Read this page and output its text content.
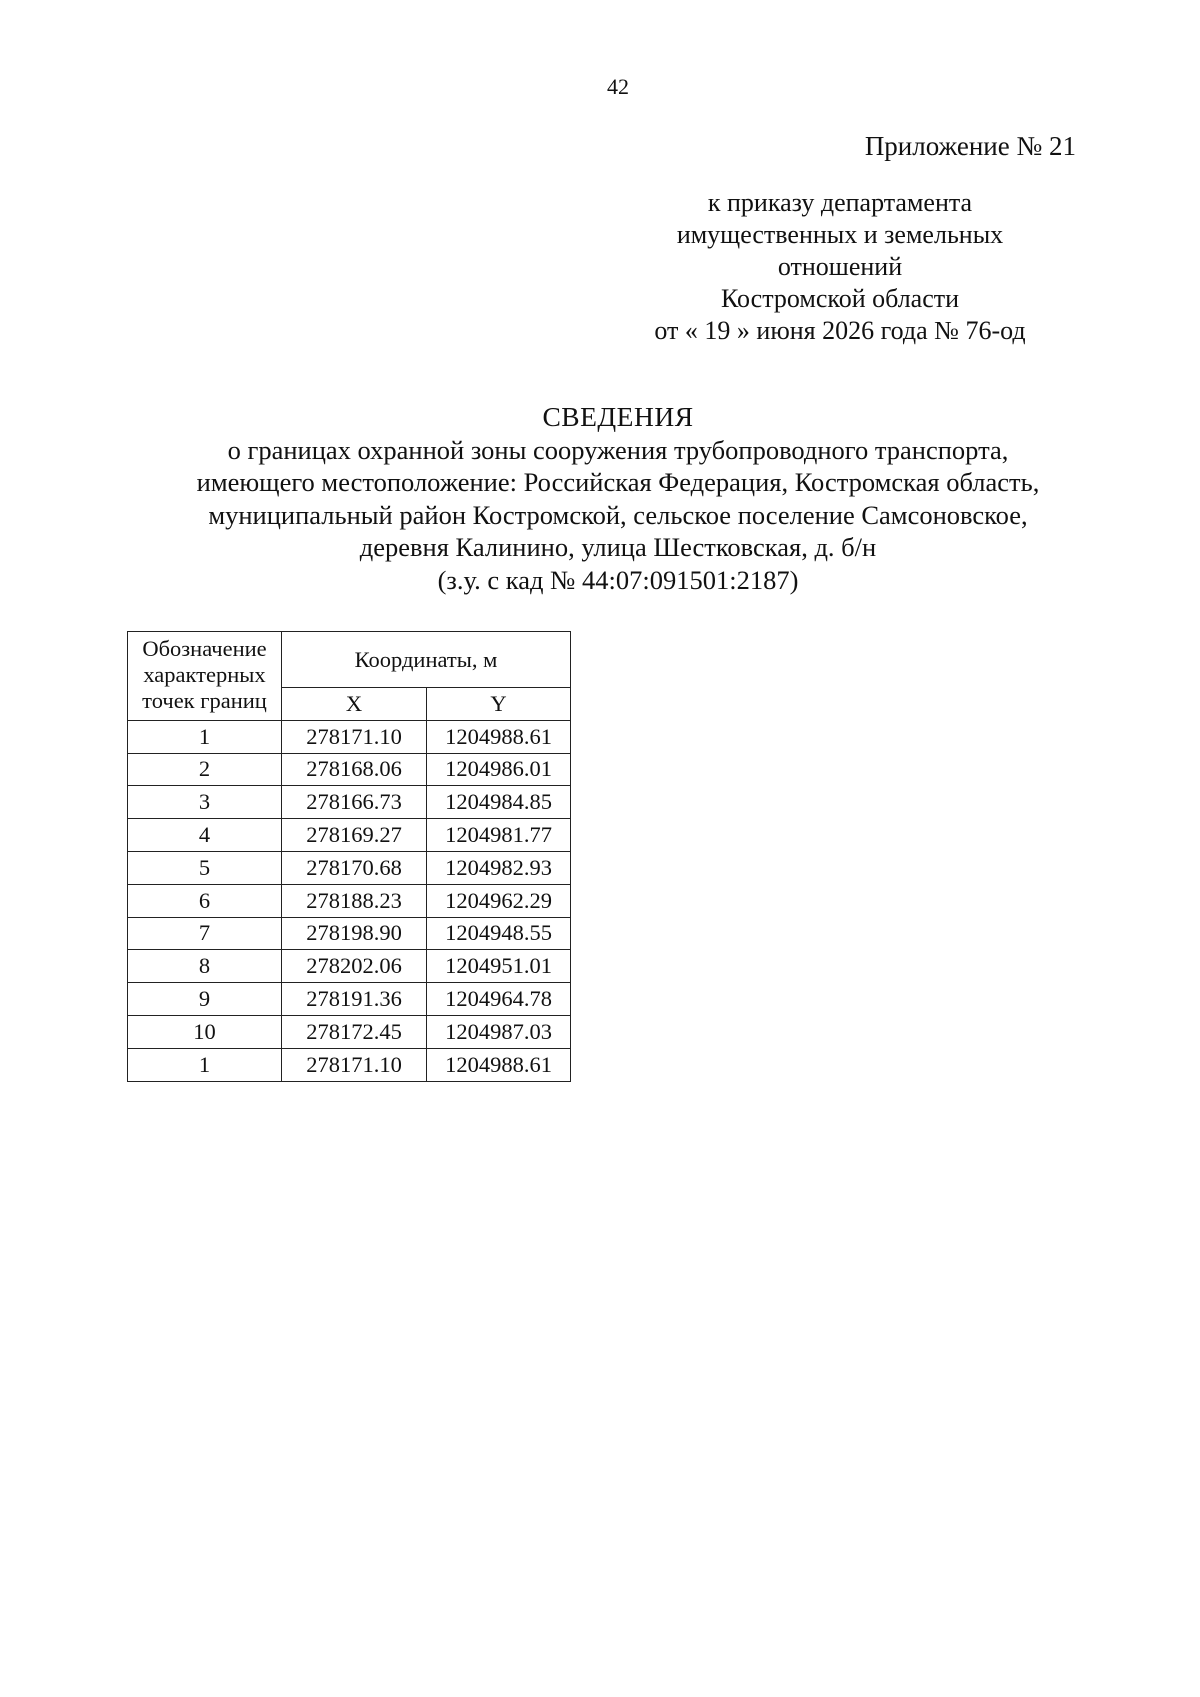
42
Приложение № 21
к приказу департамента
имущественных и земельных
отношений
Костромской области
от « 19 » июня 2026 года № 76-од
СВЕДЕНИЯ
о границах охранной зоны сооружения трубопроводного транспорта,
имеющего местоположение: Российская Федерация, Костромская область,
муниципальный район Костромской, сельское поселение Самсоновское,
деревня Калинино, улица Шестковская, д. б/н
(з.у. с кад № 44:07:091501:2187)
Обозначение
характерных
точек границ	Координаты, м	
	X	Y
1	278171.10	1204988.61
2	278168.06	1204986.01
3	278166.73	1204984.85
4	278169.27	1204981.77
5	278170.68	1204982.93
6	278188.23	1204962.29
7	278198.90	1204948.55
8	278202.06	1204951.01
9	278191.36	1204964.78
10	278172.45	1204987.03
1	278171.10	1204988.61
